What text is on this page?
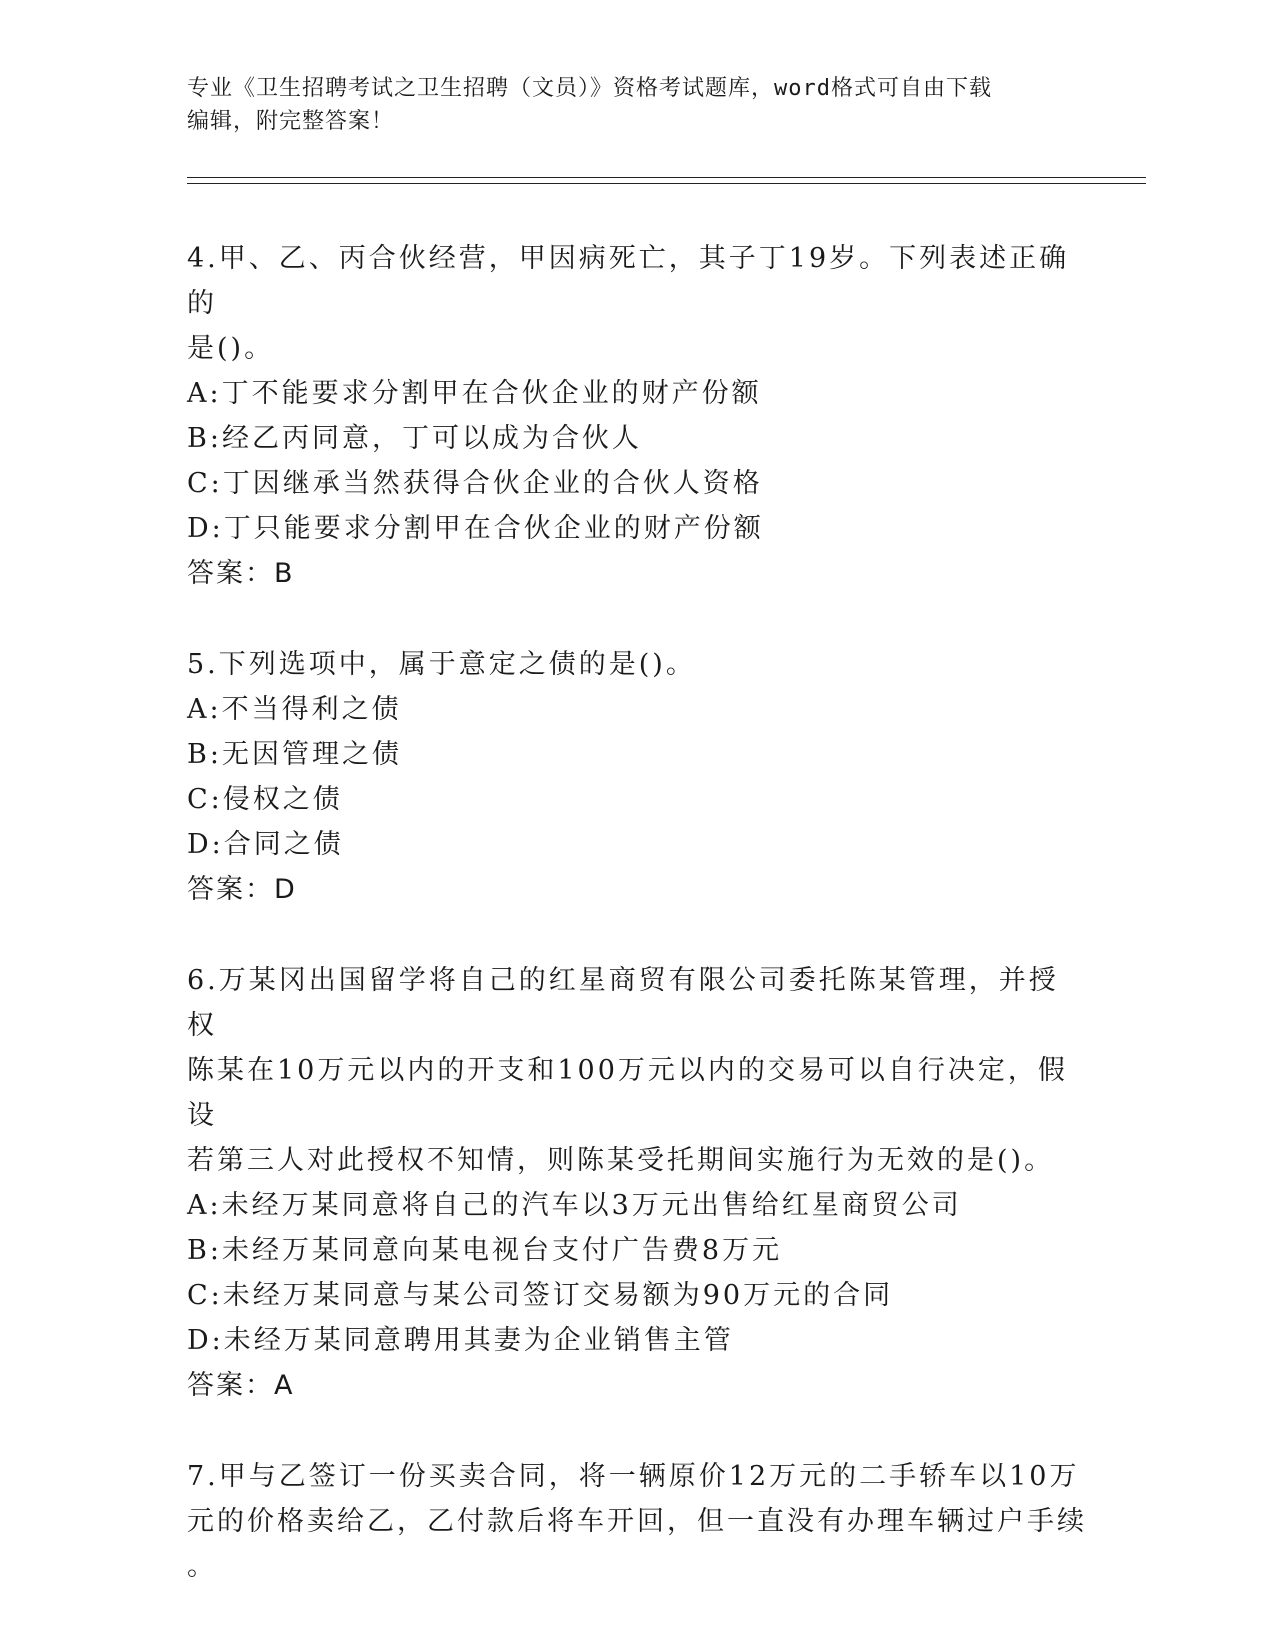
专业《卫生招聘考试之卫生招聘（文员）》资格考试题库，word格式可自由下载
编辑，附完整答案！
4.甲、乙、丙合伙经营，甲因病死亡，其子丁19岁。下列表述正确的
是()。
A:丁不能要求分割甲在合伙企业的财产份额
B:经乙丙同意，丁可以成为合伙人
C:丁因继承当然获得合伙企业的合伙人资格
D:丁只能要求分割甲在合伙企业的财产份额
答案：B
5.下列选项中，属于意定之债的是()。
A:不当得利之债
B:无因管理之债
C:侵权之债
D:合同之债
答案：D
6.万某冈出国留学将自己的红星商贸有限公司委托陈某管理，并授权
陈某在10万元以内的开支和100万元以内的交易可以自行决定，假设
若第三人对此授权不知情，则陈某受托期间实施行为无效的是()。
A:未经万某同意将自己的汽车以3万元出售给红星商贸公司
B:未经万某同意向某电视台支付广告费8万元
C:未经万某同意与某公司签订交易额为90万元的合同
D:未经万某同意聘用其妻为企业销售主管
答案：A
7.甲与乙签订一份买卖合同，将一辆原价12万元的二手轿车以10万
元的价格卖给乙，乙付款后将车开回，但一直没有办理车辆过户手续
。
